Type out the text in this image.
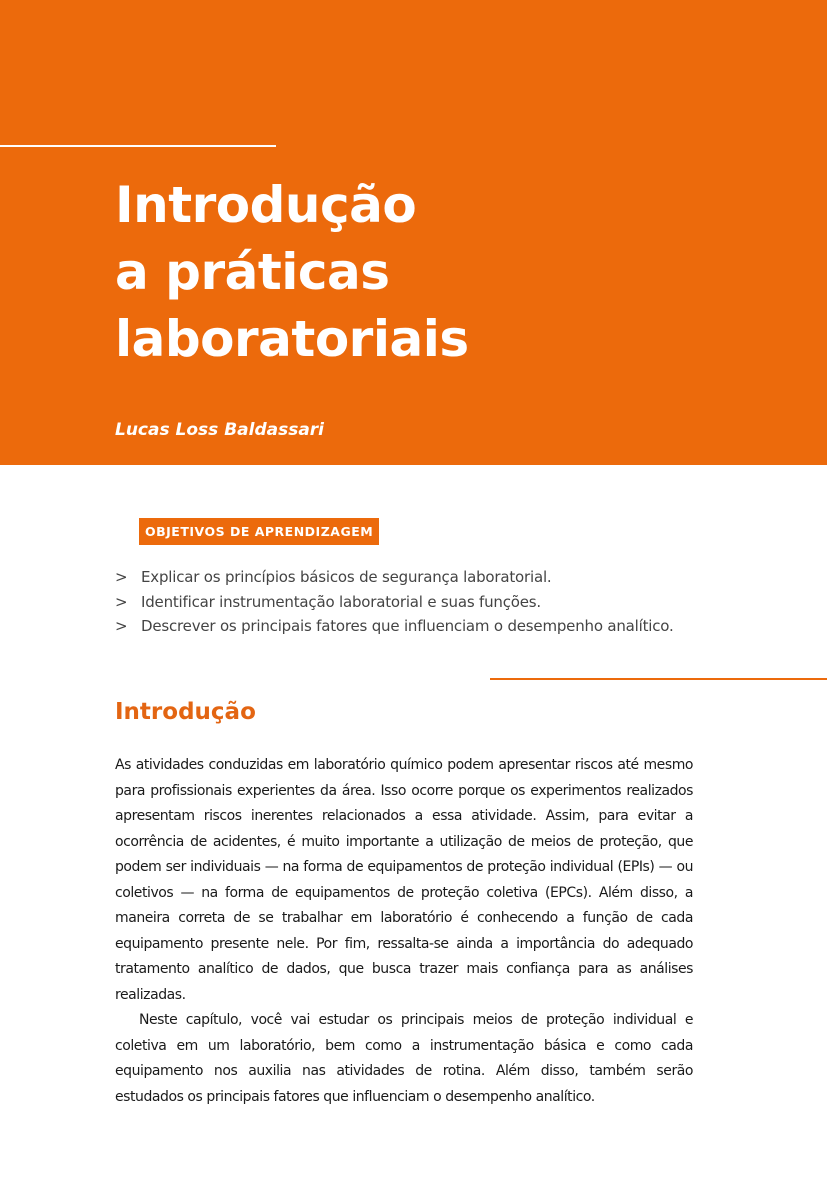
Introdução
a práticas
laboratoriais

Lucas Loss Baldassari

OBJETIVOS DE APRENDIZAGEM
> Explicar os princípios básicos de segurança laboratorial.
> Identificar instrumentação laboratorial e suas funções.
> Descrever os principais fatores que influenciam o desempenho analítico.
Introdução

As atividades conduzidas em laboratório químico podem apresentar riscos até mesmo para profissionais experientes da área. Isso ocorre porque os experimentos realizados apresentam riscos inerentes relacionados a essa atividade. Assim, para evitar a ocorrência de acidentes, é muito importante a utilização de meios de proteção, que podem ser individuais — na forma de equipamentos de proteção individual (EPIs) — ou coletivos — na forma de equipamentos de proteção coletiva (EPCs). Além disso, a maneira correta de se trabalhar em laboratório é conhecendo a função de cada equipamento presente nele. Por fim, ressalta-se ainda a importância do adequado tratamento analítico de dados, que busca trazer mais confiança para as análises realizadas.

Neste capítulo, você vai estudar os principais meios de proteção individual e coletiva em um laboratório, bem como a instrumentação básica e como cada equipamento nos auxilia nas atividades de rotina. Além disso, também serão estudados os principais fatores que influenciam o desempenho analítico.
